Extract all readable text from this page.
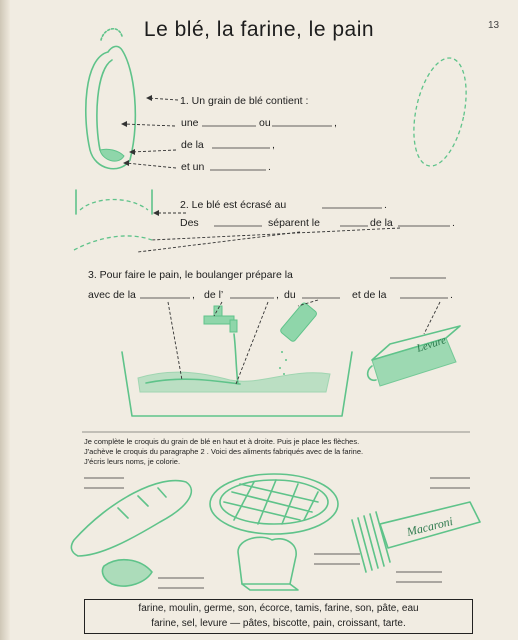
Le blé, la farine, le pain	13
Levure
Macaroni
1. Un grain de blé contient :
une	ou	,
de la	,
et un	.
2. Le blé est écrasé au	.
Des	séparent le	de la	.
3. Pour faire le pain, le boulanger prépare la
avec de la	, de l’	, du	et de la	.
Je complète le croquis du grain de blé en haut et à droite. Puis je place les flèches.
J'achève le croquis du paragraphe 2 . Voici des aliments fabriqués avec de la farine.
J'écris leurs noms, je colorie.
farine, moulin, germe, son, écorce, tamis, farine, son, pâte, eau
farine, sel, levure — pâtes, biscotte, pain, croissant, tarte.
